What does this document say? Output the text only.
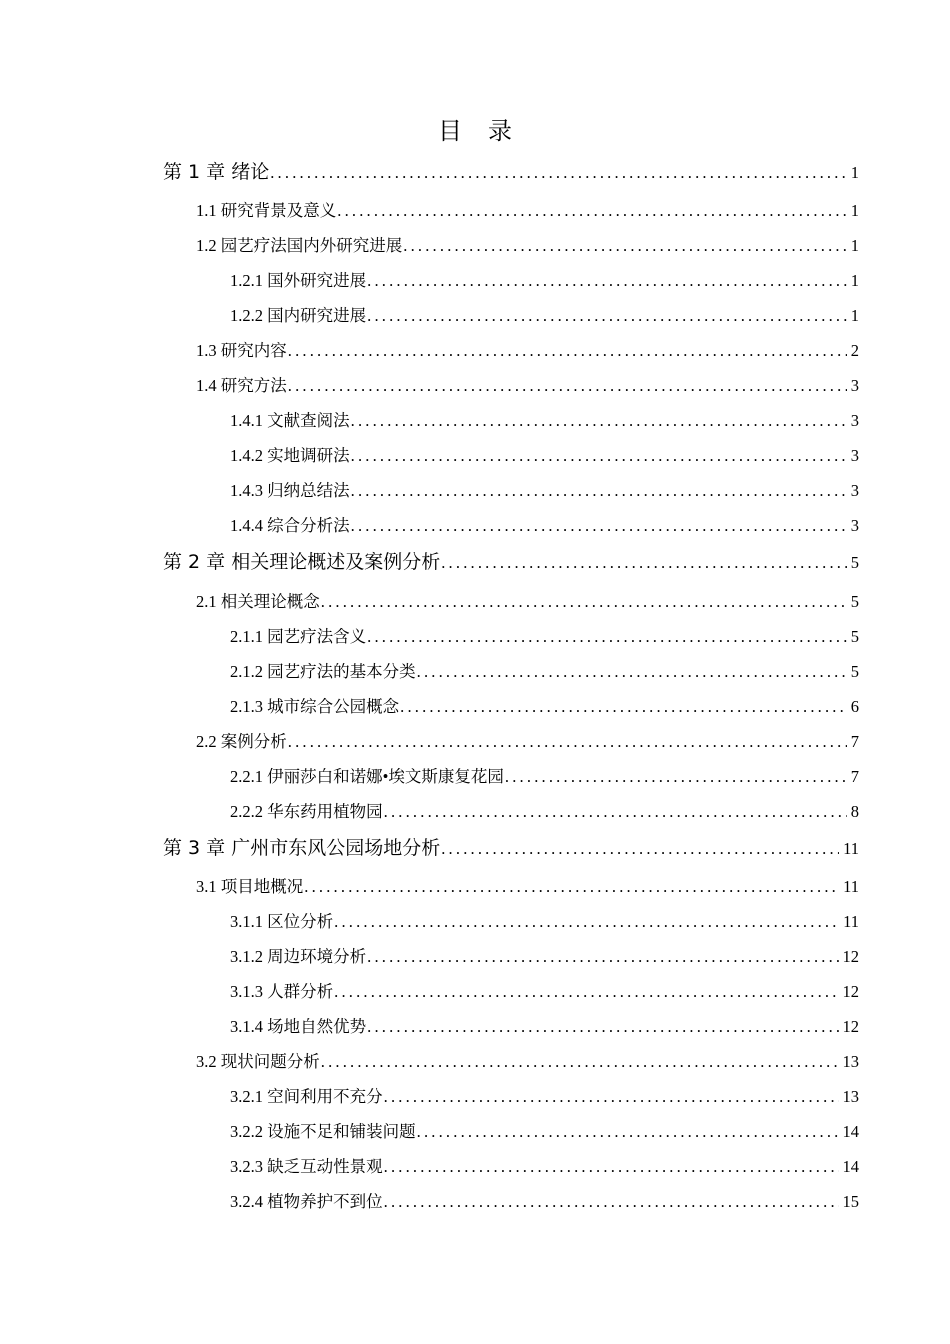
目 录
第 1 章 绪论 .....	1
1.1 研究背景及意义 .....	1
1.2 园艺疗法国内外研究进展 .....	1
1.2.1 国外研究进展 .....	1
1.2.2 国内研究进展 .....	1
1.3 研究内容 .....	2
1.4 研究方法 .....	3
1.4.1 文献查阅法 .....	3
1.4.2 实地调研法 .....	3
1.4.3 归纳总结法 .....	3
1.4.4 综合分析法 .....	3
第 2 章 相关理论概述及案例分析 .....	5
2.1 相关理论概念 .....	5
2.1.1 园艺疗法含义 .....	5
2.1.2 园艺疗法的基本分类 .....	5
2.1.3 城市综合公园概念 .....	6
2.2 案例分析 .....	7
2.2.1 伊丽莎白和诺娜•埃文斯康复花园 .....	7
2.2.2 华东药用植物园 .....	8
第 3 章 广州市东风公园场地分析 .....	11
3.1 项目地概况 .....	11
3.1.1 区位分析 .....	11
3.1.2 周边环境分析 .....	12
3.1.3 人群分析 .....	12
3.1.4 场地自然优势 .....	12
3.2 现状问题分析 .....	13
3.2.1 空间利用不充分 .....	13
3.2.2 设施不足和铺装问题 .....	14
3.2.3 缺乏互动性景观 .....	14
3.2.4 植物养护不到位 .....	15
